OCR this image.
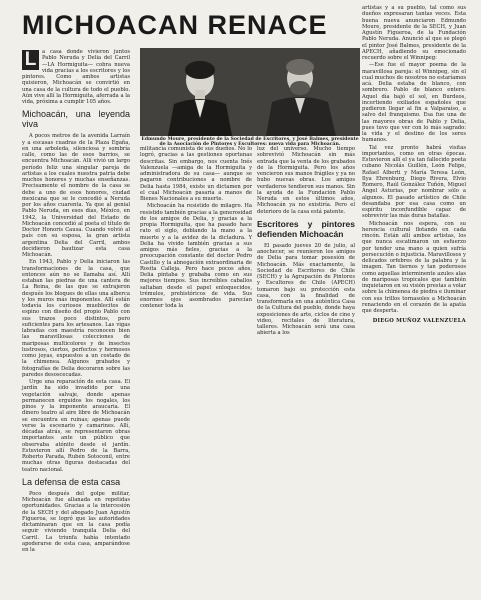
MICHOACAN RENACE
L	a casa donde vivieron juntos Pablo Neruda y Delia del Carril —LA Hormiguita— cobra nueva vida gracias a los escritores y los pintores. Como ambos artistas quisieron, Michoacán se convirtió en una casa de la cultura de todo el pueblo. Aún vive allí la Hormiguita, aferrada a la vida, próxima a cumplir 105 años.

Michoacán, una leyenda viva

A pocos metros de la avenida Larraín y a escasas cuadras de la Plaza Egaña, en una arboleda, silenciosa y sombría calle, como las de esos barrios, se encuentra Michoacán. Allí vivió un largo período feliz una singular pareja de artistas a los cuales nuestra patria debe muchos honores y muchas enseñanzas. Precisamente el nombre de la casa se debe a uno de esos honores, ciudad mexicana que se le concedió a Neruda por los años cuarenta. Ya que al genial Pablo Neruda, en esos días, México, en 1942, la Universidad del Estado de Michoacán concedió al poeta el título de Doctor Honoris Causa. Cuando volvió al país con su esposa, la gran artista argentina Delia del Carril, ambos decidieron bautizar esta casa Michoacán.

En 1943, Pablo y Delia iniciaron las transformaciones de la casa, que entonces aún no se llamaba así. Allí estaban las piedras de una cantera de La Reina, de las que se extrajeron después los bloques de ellas una alberca y los muros más imponentes. Allí están todavía los curiosos mueblecitos de espino con diseño del propio Pablo con sus trazos poco distintos, pero suficientes para los artesanos. Las vigas labradas con maestría reconocen bien las maravillosas colecciones de mariposas multicolores y de insectos lustrosos, ciertos, perfectos y hermosos como joyas, expuestos a un costado de la chimenea. Algunos grabados y fotografías de Delia decoraron sobre las paredes desoscecadas.

Urge una reparación de esta casa. El jardín ha sido invadido por una vegetación salvaje, donde apenas permanecen erguidos los nogales, los pinos y la imponente araucaria. El dinero teatro al aire libre de Michoacán se encuentra en ruinas; apenas puede verse la escenario y camarines. Allí, décadas atrás, se representaron obras importantes ante un público que observaba atónito desde el jardín. Estuvieron allí Pedro de la Barra, Roberto Parada, Rubén Sotoconil, entre muchas otras figuras destacadas del teatro nacional.

La defensa de esta casa

Poco después del golpe militar, Michoacán fue allanada en repetidas oportunidades. Gracias a la intercesión de la SECH y del abogado Juan Agustín Figueroa, se logró que las autoridades dictaminaran que en la casa podía seguir viviendo tranquila Delia del Carril. La triunfa había intentado apoderarse de esta casa, amparándose en la

Edmundo Moure, presidente de la Sociedad de Escritores, y José Balmes, presidente de la Asociación de Pintores y Escultores: nueva vida para Michoacán.

militancia comunista de sus dueños. No lo logró, gracias a las gestiones oportunas descritas. Sin embargo, nos cuenta Inés Valenzuela —amiga de la Hormiguita y administradora de su casa— aunque se pagaron contribuciones a nombre de Delia hasta 1984, existe un dictamen por el cual Michoacán pasaría a manos de Bienes Nacionales a su muerte.

Michoacán ha resistido de milagro. Ha resistido también gracias a la generosidad de los amigos de Delia, y gracias a la propia Hormiguita, que ha pasado hace rato el siglo, doblando la mano a la muerte y a la avidez de la dictadura. Y Delia ha vivido también gracias a sus amigos más fieles, gracias a la preocupación constante del doctor Pedro Castillo y la abnegación extraordinaria de Rosita Calleja. Pero hace pocos años, Delia pintaba y grababa como en sus mejores tiempos. Sus increíbles caballos saltaban desde el papel enloquecidos, trémulos, prehistóricos de vida. Sus enormes ojos asombrados parecían contener toda la

luz del universo. Mucho tiempo sobrevivió Michoacán sin más entrada que la venta de los grabados de la Hormiguita. Pero los años vencieron sus manos frágiles y ya no hubo nuevas obras. Los amigos verdaderos tendieron sus manos. Sin la ayuda de la Fundación Pablo Neruda en estos últimos años, Michoacán ya no existiría. Pero el deterioro de la casa está patente.

Escritores y pintores defienden Michoacán

El pasado jueves 20 de julio, al anochecer, se reunieron los amigos de Delia para tomar posesión de Michoacán. Más exactamente, la Sociedad de Escritores de Chile (SECH) y la Agrupación de Pintores y Escultores de Chile (APECH) tomaron bajo su protección esta casa, con la finalidad de transformarla en una auténtica Casa de la Cultura del pueblo, donde haya exposiciones de arte, ciclos de cine y video, recitales de literatura, talleres. Michoacán será una casa abierta a los

artistas y a su pueblo, tal como sus dueños expresaran tantas veces. Esta buena nueva anunciaron Edmundo Moure, presidente de la SECH, y Juan Agustín Figueroa, de la Fundación Pablo Neruda. Anunció al que se plegó el pintor José Balmes, presidente de la APECH, añadiendo su emocionado recuerdo sobre el Winnipeg:

—Ese fue el mayor poema de la maravillosa pareja: el Winnipeg, sin el cual muchos de nosotros no estaríamos acá. Delia estaba de blanco, con sombrero. Pablo de blanco entero. Aquel día bajó el sol, en Burdeos, incertiendo exiliados españoles que pudieron llegar al fin a Valparaíso, a salvo del franquismo. Esa fue una de las mayores obras de Pablo y Delia, pues tuvo que ver con lo más sagrado: la vida y el destino de los seres humanos.

Tal vez pronto habrá visitas importantes, como en otras épocas. Estuvieron allí el ya tan fallecido poeta cubano Nicolás Guillén, León Felipe, Rafael Alberti y María Teresa León, Ilya Ehrenburg, Diego Rivera, Elvio Romero, Raúl González Tuñón, Miguel Ángel Asturias, por nombrar sólo a algunos. El pasado artístico de Chile desandaba por esa casa como un espíritu inconfundible capaz de sobrevivir las más duras batallas.

Michoacán nos espera, con su herencia cultural flotando en cada rincón. Están allí ambos artistas, los que nunca escatimaron un esfuerzo por tender una mano a quien sufría persecución o injusticia. Maravillosos y delicados orfebres de la palabra y la imagen. Tan tiernos y tan poderosos como aquellas interminente azules alas de mariposas tropicales que también inquietaron en su visión prestas a volar sobre la chimenea de piedra e iluminar con sus trillos tornasoles a Michoacán renaciendo en el corazón de la apatía que desperta.

DIEGO MUÑOZ VALENZUELA
